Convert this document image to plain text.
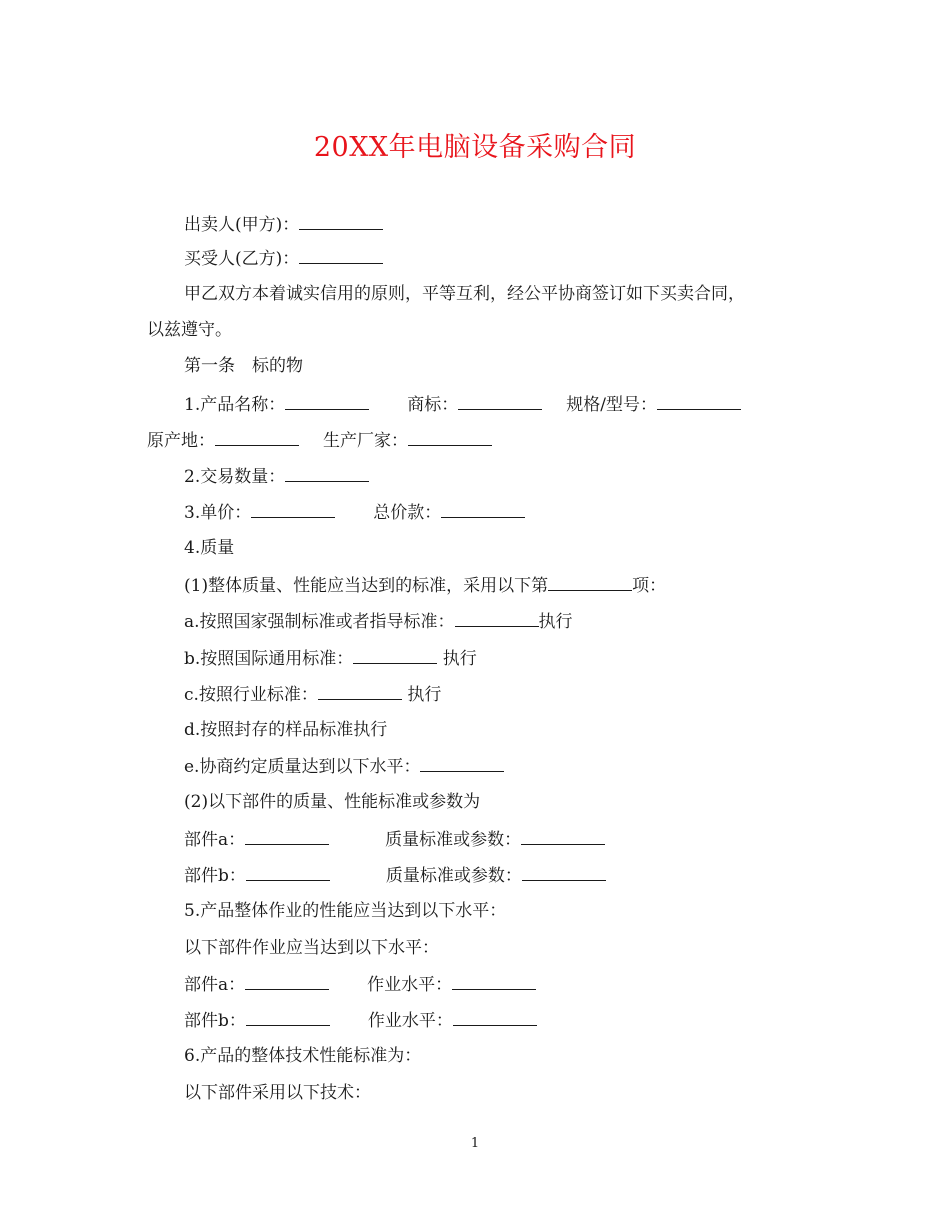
20XX年电脑设备采购合同
出卖人(甲方)：
买受人(乙方)：
甲乙双方本着诚实信用的原则，平等互利，经公平协商签订如下买卖合同，
以兹遵守。
第一条　标的物
1.产品名称：	商标：	规格/型号：
原产地：	生产厂家：
2.交易数量：
3.单价：	总价款：
4.质量
(1)整体质量、性能应当达到的标准，采用以下第	项：
a.按照国家强制标准或者指导标准：	执行
b.按照国际通用标准：	执行
c.按照行业标准：	执行
d.按照封存的样品标准执行
e.协商约定质量达到以下水平：
(2)以下部件的质量、性能标准或参数为
部件a：	质量标准或参数：
部件b：	质量标准或参数：
5.产品整体作业的性能应当达到以下水平：
以下部件作业应当达到以下水平：
部件a：	作业水平：
部件b：	作业水平：
6.产品的整体技术性能标准为：
以下部件采用以下技术：
1
